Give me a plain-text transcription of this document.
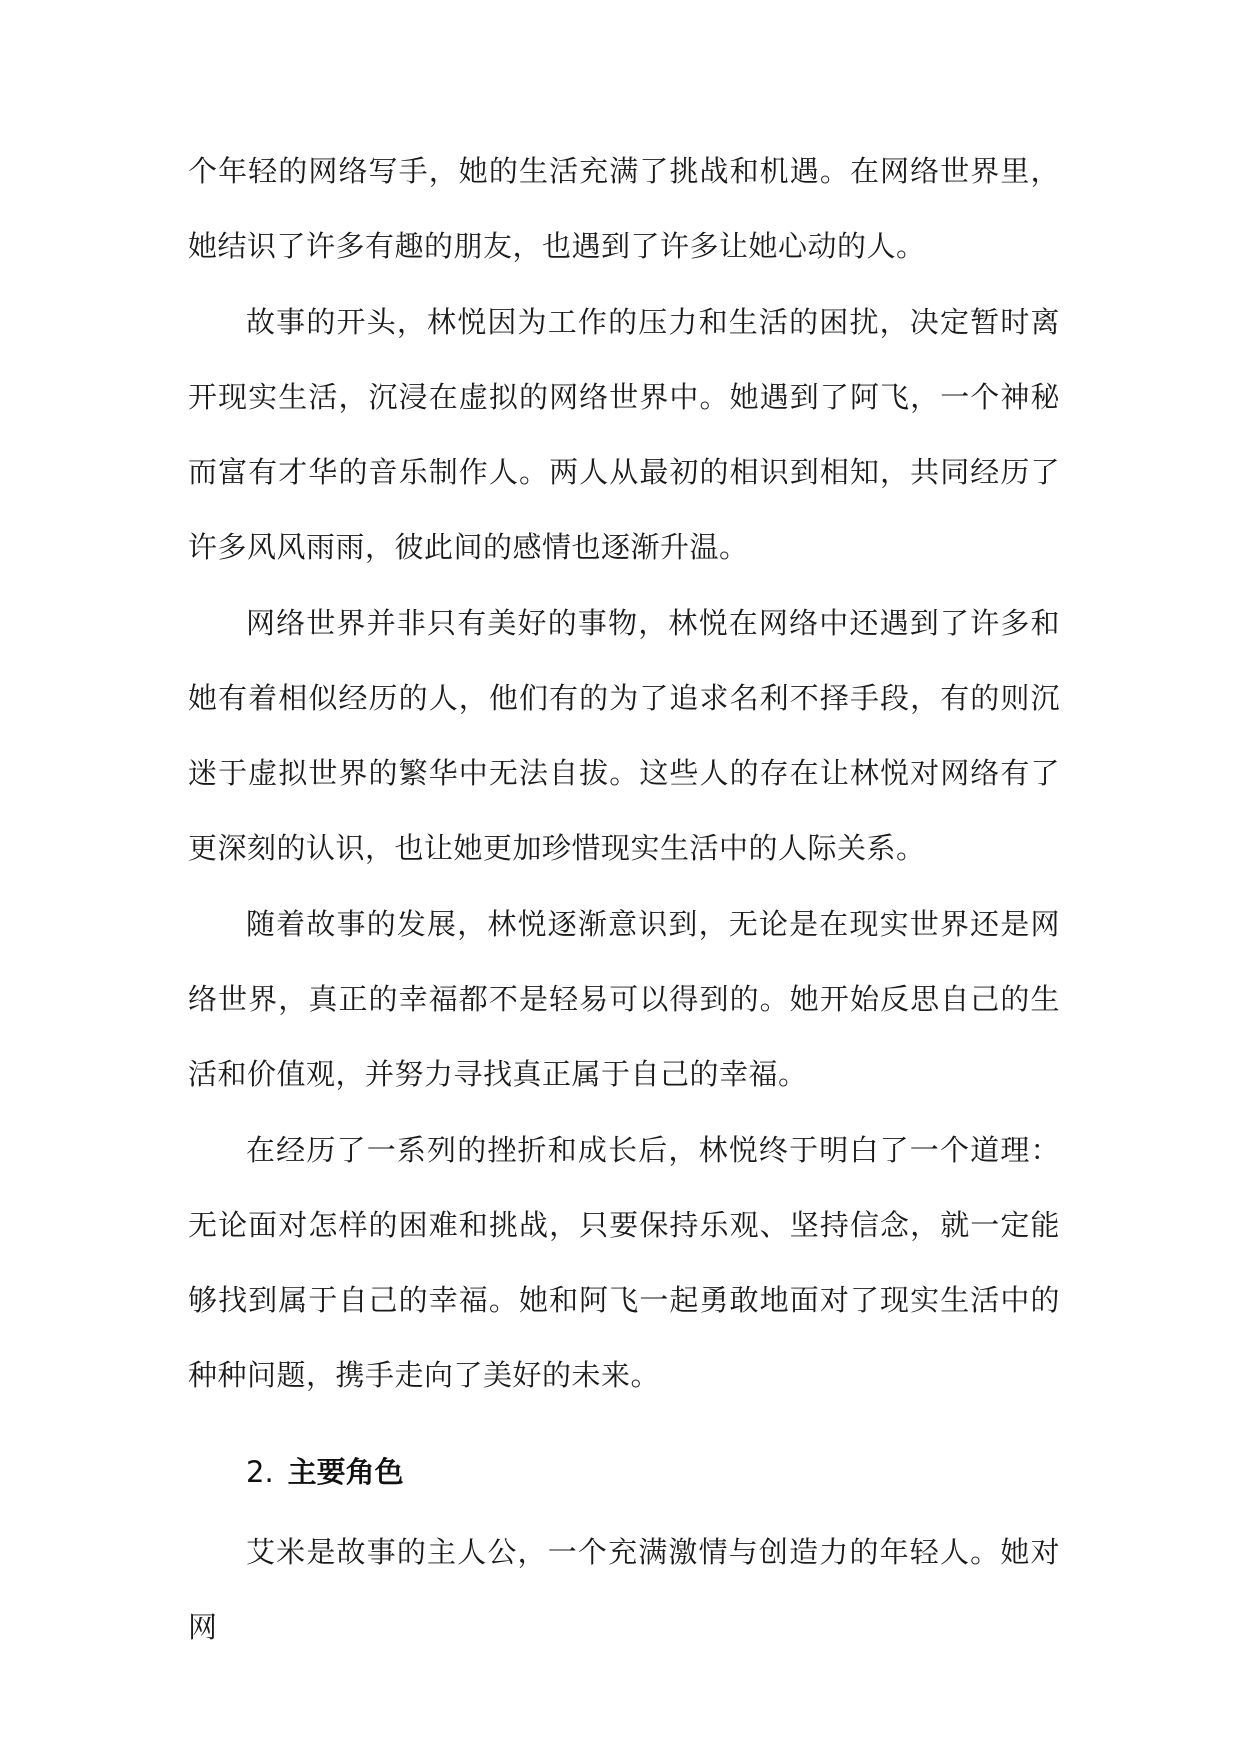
个年轻的网络写手，她的生活充满了挑战和机遇。在网络世界里，她结识了许多有趣的朋友，也遇到了许多让她心动的人。

故事的开头，林悦因为工作的压力和生活的困扰，决定暂时离开现实生活，沉浸在虚拟的网络世界中。她遇到了阿飞，一个神秘而富有才华的音乐制作人。两人从最初的相识到相知，共同经历了许多风风雨雨，彼此间的感情也逐渐升温。

网络世界并非只有美好的事物，林悦在网络中还遇到了许多和她有着相似经历的人，他们有的为了追求名利不择手段，有的则沉迷于虚拟世界的繁华中无法自拔。这些人的存在让林悦对网络有了更深刻的认识，也让她更加珍惜现实生活中的人际关系。

随着故事的发展，林悦逐渐意识到，无论是在现实世界还是网络世界，真正的幸福都不是轻易可以得到的。她开始反思自己的生活和价值观，并努力寻找真正属于自己的幸福。

在经历了一系列的挫折和成长后，林悦终于明白了一个道理：无论面对怎样的困难和挑战，只要保持乐观、坚持信念，就一定能够找到属于自己的幸福。她和阿飞一起勇敢地面对了现实生活中的种种问题，携手走向了美好的未来。

2. 主要角色

艾米是故事的主人公，一个充满激情与创造力的年轻人。她对网
